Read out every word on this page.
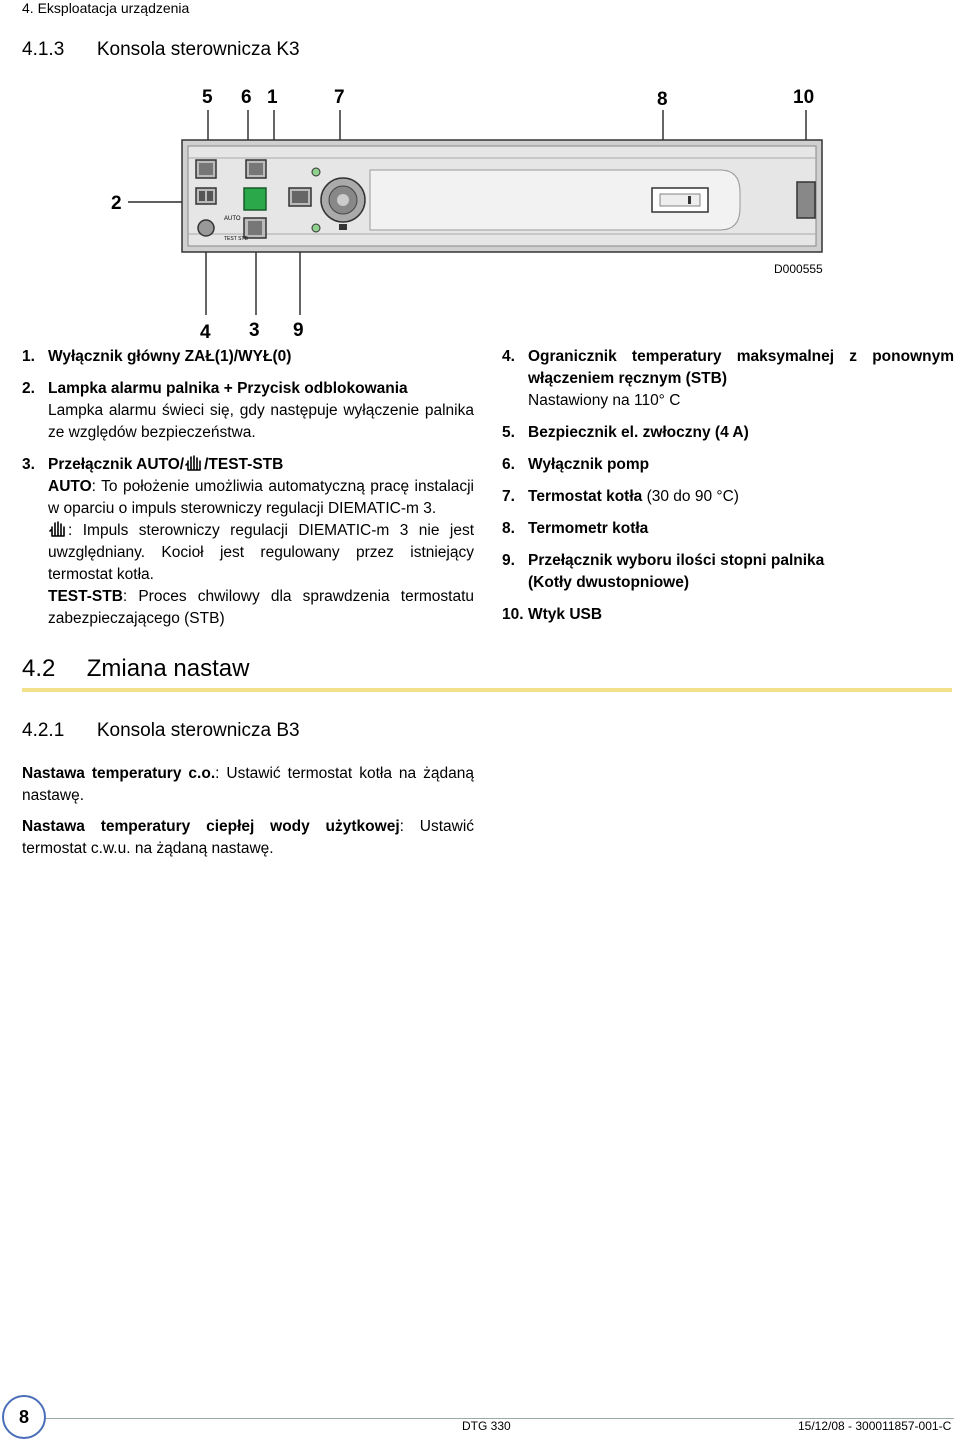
4. Eksploatacja urządzenia
4.1.3 Konsola sterownicza K3
AUTO
TEST STB
5 6 1	7	8	10
2
4 3 9
D000555
1. Wyłącznik główny ZAŁ(1)/WYŁ(0)
2. Lampka alarmu palnika + Przycisk odblokowania
Lampka alarmu świeci się, gdy następuje wyłączenie palnika ze względów bezpieczeństwa.
3. Przełącznik AUTO/ /TEST-STB
AUTO: To położenie umożliwia automatyczną pracę instalacji w oparciu o impuls sterowniczy regulacji DIEMATIC-m 3.
: Impuls sterowniczy regulacji DIEMATIC-m 3 nie jest uwzględniany. Kocioł jest regulowany przez istniejący termostat kotła.
TEST-STB: Proces chwilowy dla sprawdzenia termostatu zabezpieczającego (STB)
4. Ogranicznik temperatury maksymalnej z ponownym włączeniem ręcznym (STB)
Nastawiony na 110° C
5. Bezpiecznik el. zwłoczny (4 A)
6. Wyłącznik pomp
7. Termostat kotła (30 do 90 °C)
8. Termometr kotła
9. Przełącznik wyboru ilości stopni palnika (Kotły dwustopniowe)
10. Wtyk USB
4.2 Zmiana nastaw
4.2.1 Konsola sterownicza B3
Nastawa temperatury c.o.: Ustawić termostat kotła na żądaną nastawę.
Nastawa temperatury ciepłej wody użytkowej: Ustawić termostat c.w.u. na żądaną nastawę.
8	DTG 330	15/12/08 - 300011857-001-C
